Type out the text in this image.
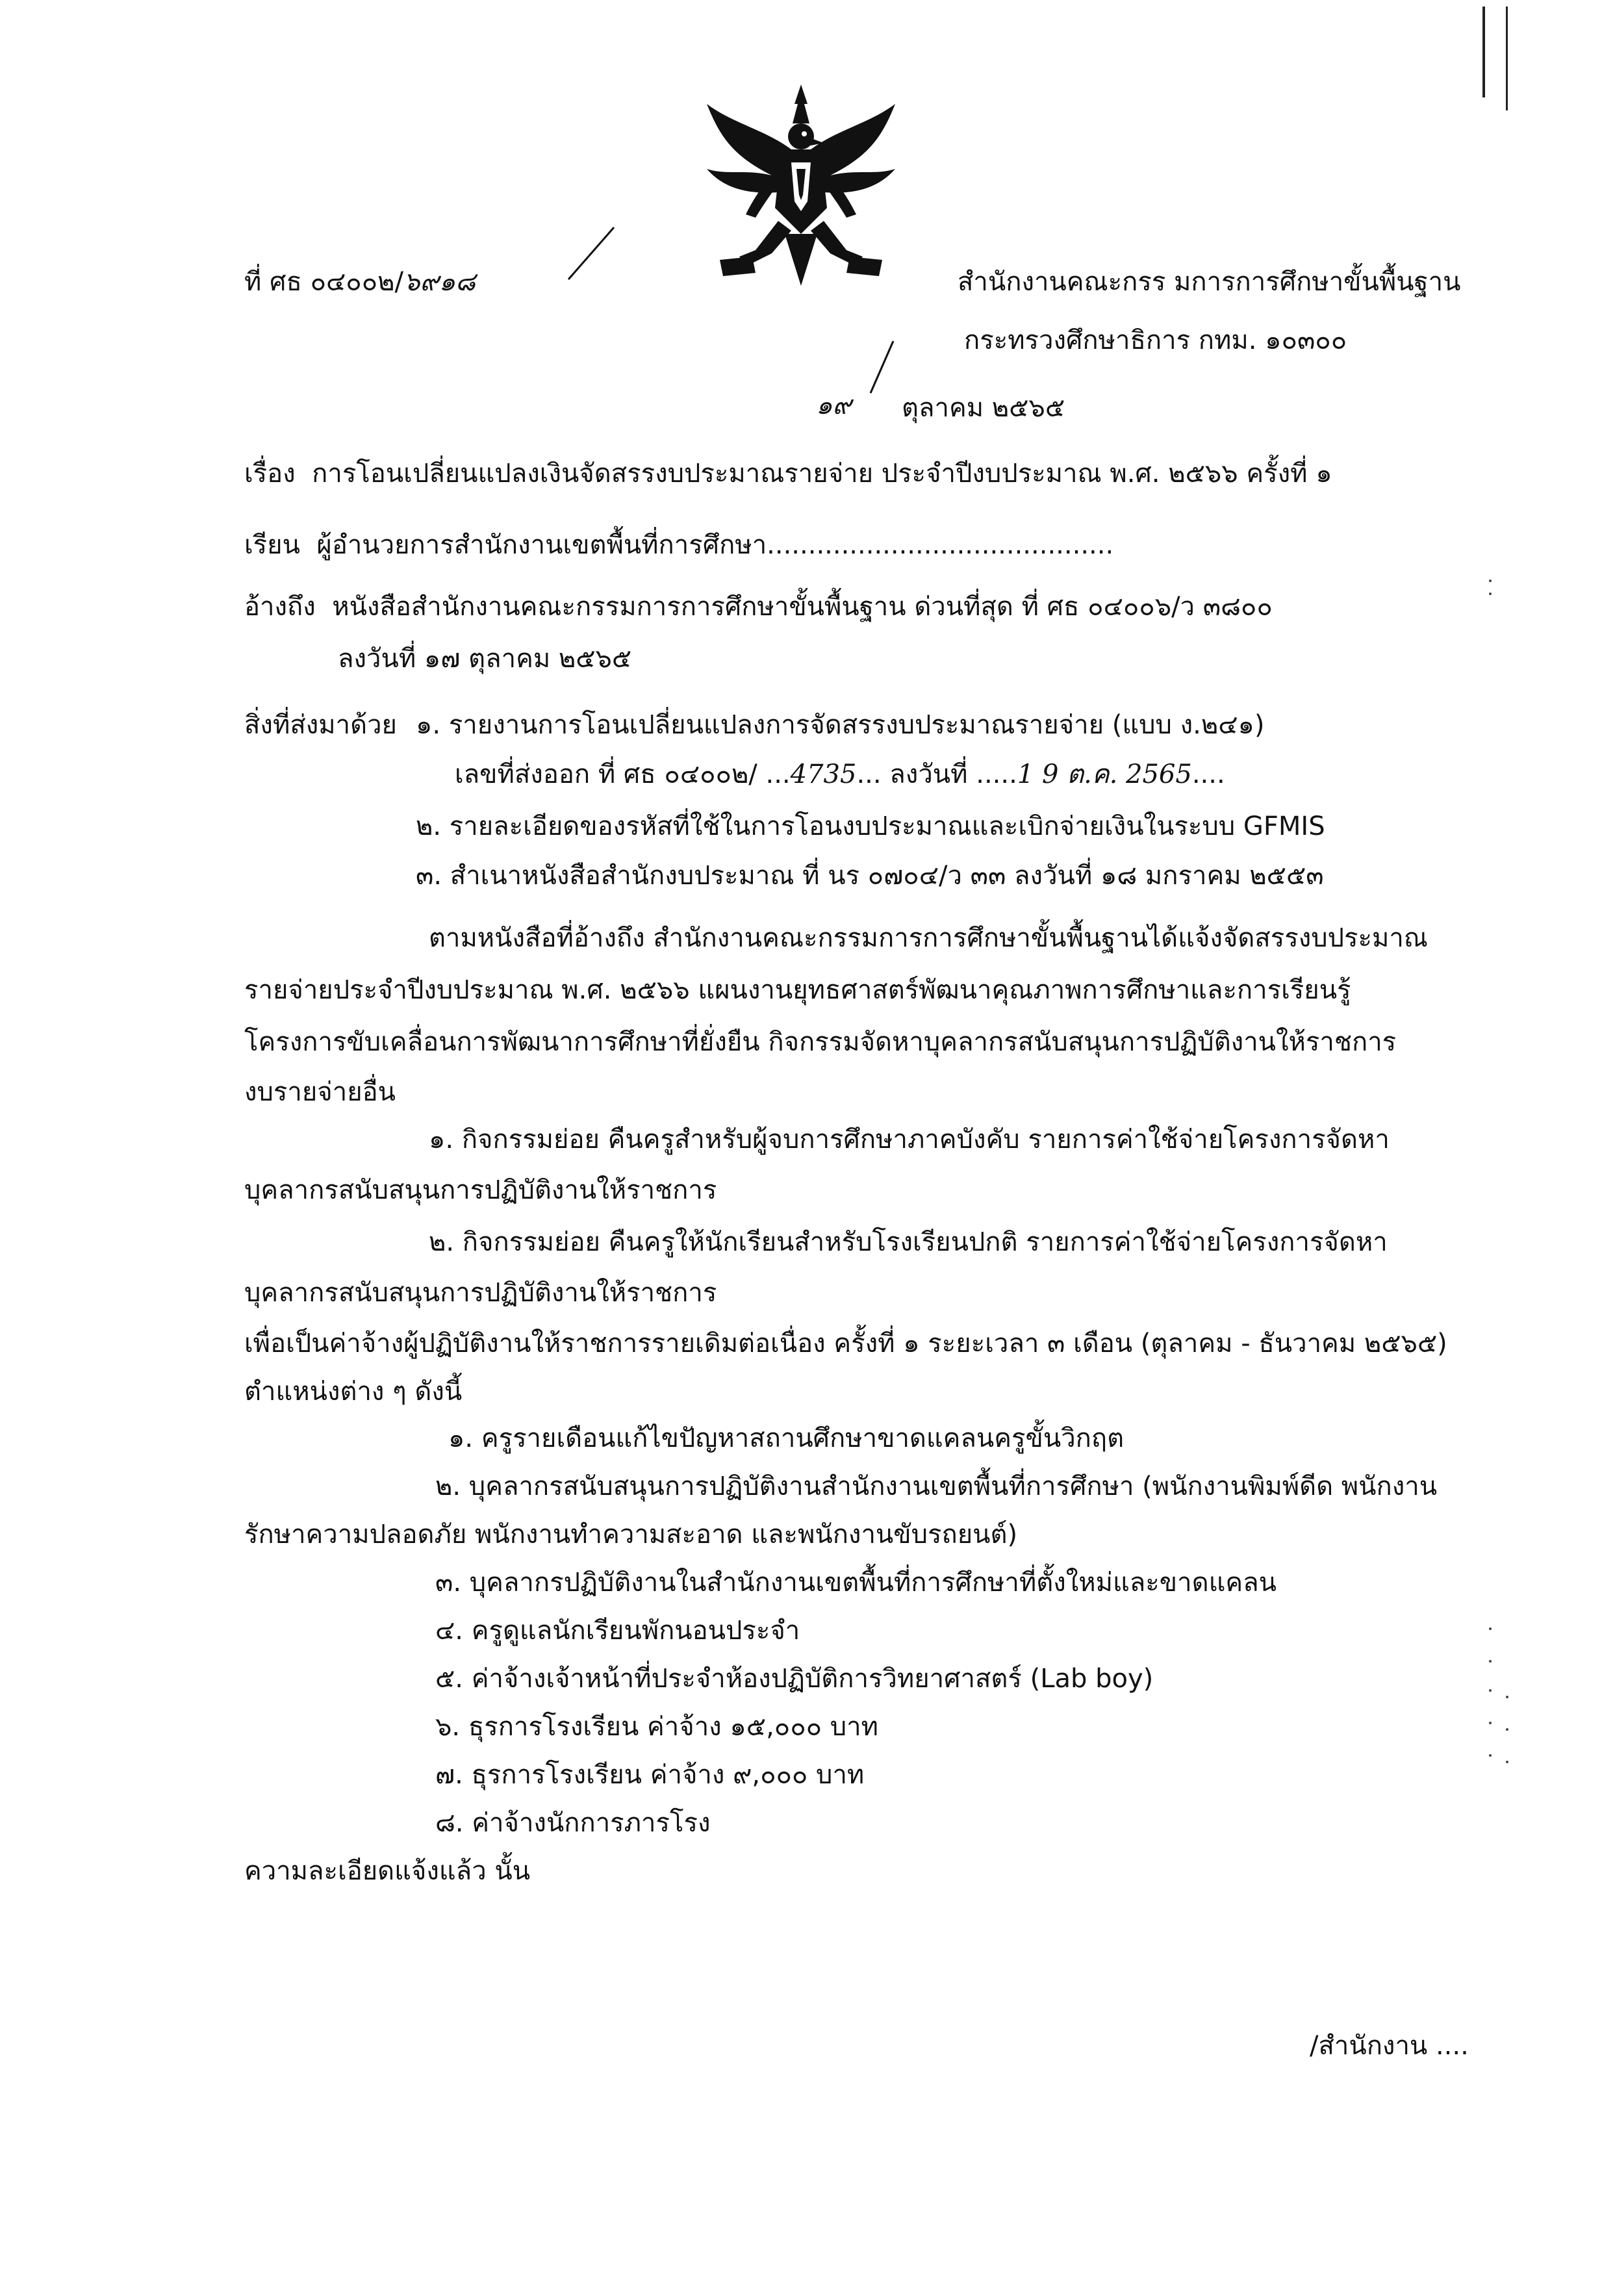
ที่ ศธ ๐๔๐๐๒/๖๙๑๘	สำนักงานคณะกรร มการการศึกษาขั้นพื้นฐาน
กระทรวงศึกษาธิการ กทม. ๑๐๓๐๐
๑๙ ตุลาคม ๒๕๖๕
เรื่อง การโอนเปลี่ยนแปลงเงินจัดสรรงบประมาณรายจ่าย ประจำปีงบประมาณ พ.ศ. ๒๕๖๖ ครั้งที่ ๑
เรียน ผู้อำนวยการสำนักงานเขตพื้นที่การศึกษา..........................................
อ้างถึง หนังสือสำนักงานคณะกรรมการการศึกษาขั้นพื้นฐาน ด่วนที่สุด ที่ ศธ ๐๔๐๐๖/ว ๓๘๐๐
ลงวันที่ ๑๗ ตุลาคม ๒๕๖๕
สิ่งที่ส่งมาด้วย ๑. รายงานการโอนเปลี่ยนแปลงการจัดสรรงบประมาณรายจ่าย (แบบ ง.๒๔๑)
เลขที่ส่งออก ที่ ศธ ๐๔๐๐๒/ ...4735... ลงวันที่ .....1 9 ต.ค. 2565....
๒. รายละเอียดของรหัสที่ใช้ในการโอนงบประมาณและเบิกจ่ายเงินในระบบ GFMIS
๓. สำเนาหนังสือสำนักงบประมาณ ที่ นร ๐๗๐๔/ว ๓๓ ลงวันที่ ๑๘ มกราคม ๒๕๕๓
ตามหนังสือที่อ้างถึง สำนักงานคณะกรรมการการศึกษาขั้นพื้นฐานได้แจ้งจัดสรรงบประมาณ
รายจ่ายประจำปีงบประมาณ พ.ศ. ๒๕๖๖ แผนงานยุทธศาสตร์พัฒนาคุณภาพการศึกษาและการเรียนรู้
โครงการขับเคลื่อนการพัฒนาการศึกษาที่ยั่งยืน กิจกรรมจัดหาบุคลากรสนับสนุนการปฏิบัติงานให้ราชการ
งบรายจ่ายอื่น
๑. กิจกรรมย่อย คืนครูสำหรับผู้จบการศึกษาภาคบังคับ รายการค่าใช้จ่ายโครงการจัดหา
บุคลากรสนับสนุนการปฏิบัติงานให้ราชการ
๒. กิจกรรมย่อย คืนครูให้นักเรียนสำหรับโรงเรียนปกติ รายการค่าใช้จ่ายโครงการจัดหา
บุคลากรสนับสนุนการปฏิบัติงานให้ราชการ
เพื่อเป็นค่าจ้างผู้ปฏิบัติงานให้ราชการรายเดิมต่อเนื่อง ครั้งที่ ๑ ระยะเวลา ๓ เดือน (ตุลาคม - ธันวาคม ๒๕๖๕)
ตำแหน่งต่าง ๆ ดังนี้
๑. ครูรายเดือนแก้ไขปัญหาสถานศึกษาขาดแคลนครูขั้นวิกฤต
๒. บุคลากรสนับสนุนการปฏิบัติงานสำนักงานเขตพื้นที่การศึกษา (พนักงานพิมพ์ดีด พนักงาน
รักษาความปลอดภัย พนักงานทำความสะอาด และพนักงานขับรถยนต์)
๓. บุคลากรปฏิบัติงานในสำนักงานเขตพื้นที่การศึกษาที่ตั้งใหม่และขาดแคลน
๔. ครูดูแลนักเรียนพักนอนประจำ
๕. ค่าจ้างเจ้าหน้าที่ประจำห้องปฏิบัติการวิทยาศาสตร์ (Lab boy)
๖. ธุรการโรงเรียน ค่าจ้าง ๑๕,๐๐๐ บาท
๗. ธุรการโรงเรียน ค่าจ้าง ๙,๐๐๐ บาท
๘. ค่าจ้างนักการภารโรง
ความละเอียดแจ้งแล้ว นั้น
/สำนักงาน ....
